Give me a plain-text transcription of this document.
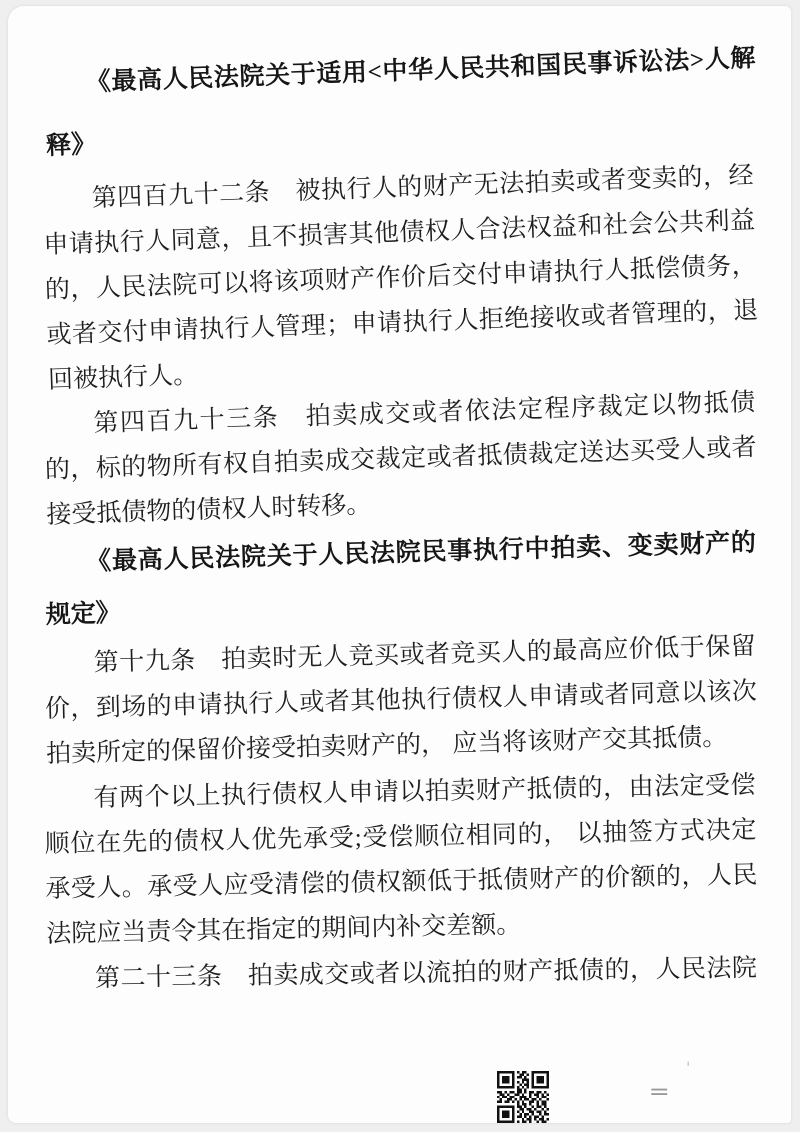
《最高人民法院关于适用<中华人民共和国民事诉讼法>人解释》
第四百九十二条　被执行人的财产无法拍卖或者变卖的，经申请执行人同意，且不损害其他债权人合法权益和社会公共利益的，人民法院可以将该项财产作价后交付申请执行人抵偿债务，或者交付申请执行人管理；申请执行人拒绝接收或者管理的，退回被执行人。
第四百九十三条　拍卖成交或者依法定程序裁定以物抵债的，标的物所有权自拍卖成交裁定或者抵债裁定送达买受人或者接受抵债物的债权人时转移。
《最高人民法院关于人民法院民事执行中拍卖、变卖财产的规定》
第十九条　拍卖时无人竞买或者竞买人的最高应价低于保留价，到场的申请执行人或者其他执行债权人申请或者同意以该次拍卖所定的保留价接受拍卖财产的， 应当将该财产交其抵债。
有两个以上执行债权人申请以拍卖财产抵债的，由法定受偿顺位在先的债权人优先承受;受偿顺位相同的， 以抽签方式决定承受人。承受人应受清偿的债权额低于抵债财产的价额的，人民法院应当责令其在指定的期间内补交差额。
第二十三条　拍卖成交或者以流拍的财产抵债的，人民法院
=
'
